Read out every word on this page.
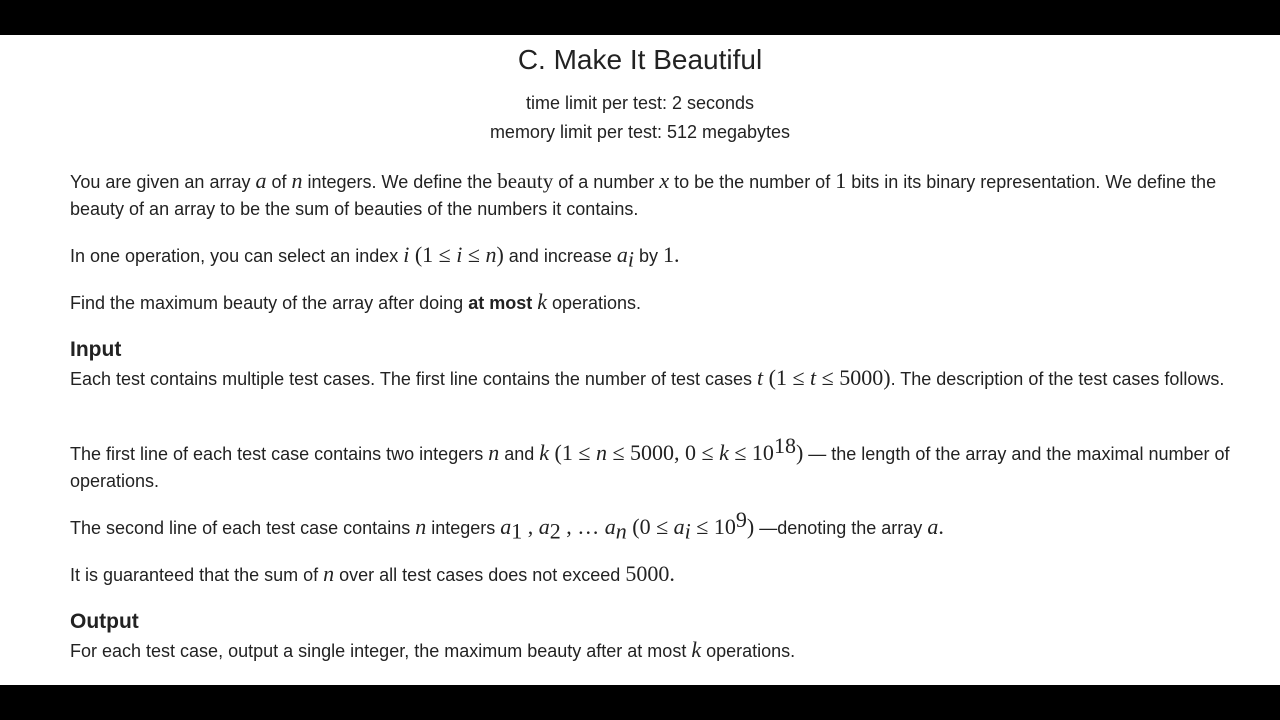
C. Make It Beautiful
time limit per test: 2 seconds
memory limit per test: 512 megabytes
You are given an array a of n integers. We define the beauty of a number x to be the number of 1 bits in its binary representation. We define the beauty of an array to be the sum of beauties of the numbers it contains.
In one operation, you can select an index i (1 ≤ i ≤ n) and increase $a_i$ by 1.
Find the maximum beauty of the array after doing at most k operations.
Input
Each test contains multiple test cases. The first line contains the number of test cases t (1 ≤ t ≤ 5000). The description of the test cases follows.
The first line of each test case contains two integers n and k (1 ≤ n ≤ 5000, $0 \le k \le 10^{18}$) — the length of the array and the maximal number of operations.
The second line of each test case contains n integers $a_1$ , $a_2$ , … $a_n$ $(0 \le a_i \le 10^9)$ —denoting the array a.
It is guaranteed that the sum of n over all test cases does not exceed 5000.
Output
For each test case, output a single integer, the maximum beauty after at most k operations.
